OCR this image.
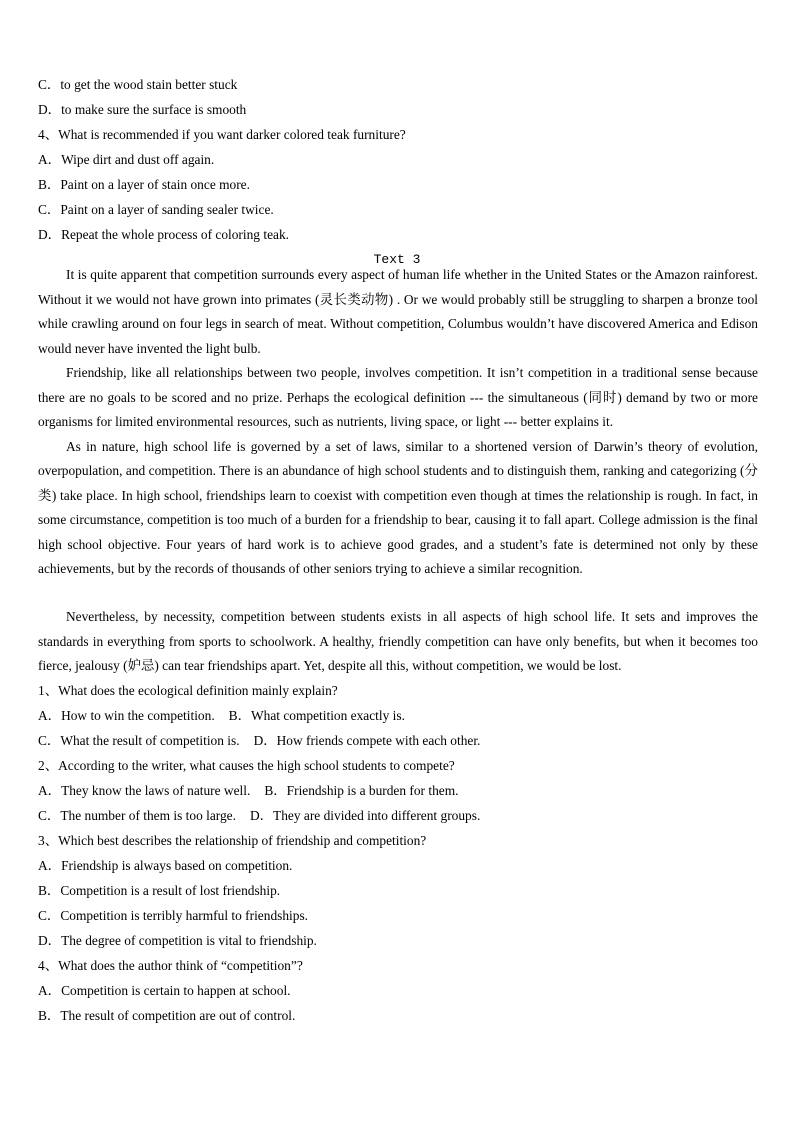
C．to get the wood stain better stuck
D．to make sure the surface is smooth
4、What is recommended if you want darker colored teak furniture?
A．Wipe dirt and dust off again.
B．Paint on a layer of stain once more.
C．Paint on a layer of sanding sealer twice.
D．Repeat the whole process of coloring teak.
Text 3
It is quite apparent that competition surrounds every aspect of human life whether in the United States or the Amazon rainforest. Without it we would not have grown into primates (灵长类动物) . Or we would probably still be struggling to sharpen a bronze tool while crawling around on four legs in search of meat. Without competition, Columbus wouldn’t have discovered America and Edison would never have invented the light bulb.
Friendship, like all relationships between two people, involves competition. It isn’t competition in a traditional sense because there are no goals to be scored and no prize. Perhaps the ecological definition --- the simultaneous (同时) demand by two or more organisms for limited environmental resources, such as nutrients, living space, or light --- better explains it.
As in nature, high school life is governed by a set of laws, similar to a shortened version of Darwin’s theory of evolution, overpopulation, and competition. There is an abundance of high school students and to distinguish them, ranking and categorizing (分类) take place. In high school, friendships learn to coexist with competition even though at times the relationship is rough. In fact, in some circumstance, competition is too much of a burden for a friendship to bear, causing it to fall apart. College admission is the final high school objective. Four years of hard work is to achieve good grades, and a student’s fate is determined not only by these achievements, but by the records of thousands of other seniors trying to achieve a similar recognition.
Nevertheless, by necessity, competition between students exists in all aspects of high school life. It sets and improves the standards in everything from sports to schoolwork. A healthy, friendly competition can have only benefits, but when it becomes too fierce, jealousy (妒忌) can tear friendships apart. Yet, despite all this, without competition, we would be lost.
1、What does the ecological definition mainly explain?
A．How to win the competition. B．What competition exactly is.
C．What the result of competition is. D．How friends compete with each other.
2、According to the writer, what causes the high school students to compete?
A．They know the laws of nature well. B．Friendship is a burden for them.
C．The number of them is too large. D．They are divided into different groups.
3、Which best describes the relationship of friendship and competition?
A．Friendship is always based on competition.
B．Competition is a result of lost friendship.
C．Competition is terribly harmful to friendships.
D．The degree of competition is vital to friendship.
4、What does the author think of “competition”?
A．Competition is certain to happen at school.
B．The result of competition are out of control.
